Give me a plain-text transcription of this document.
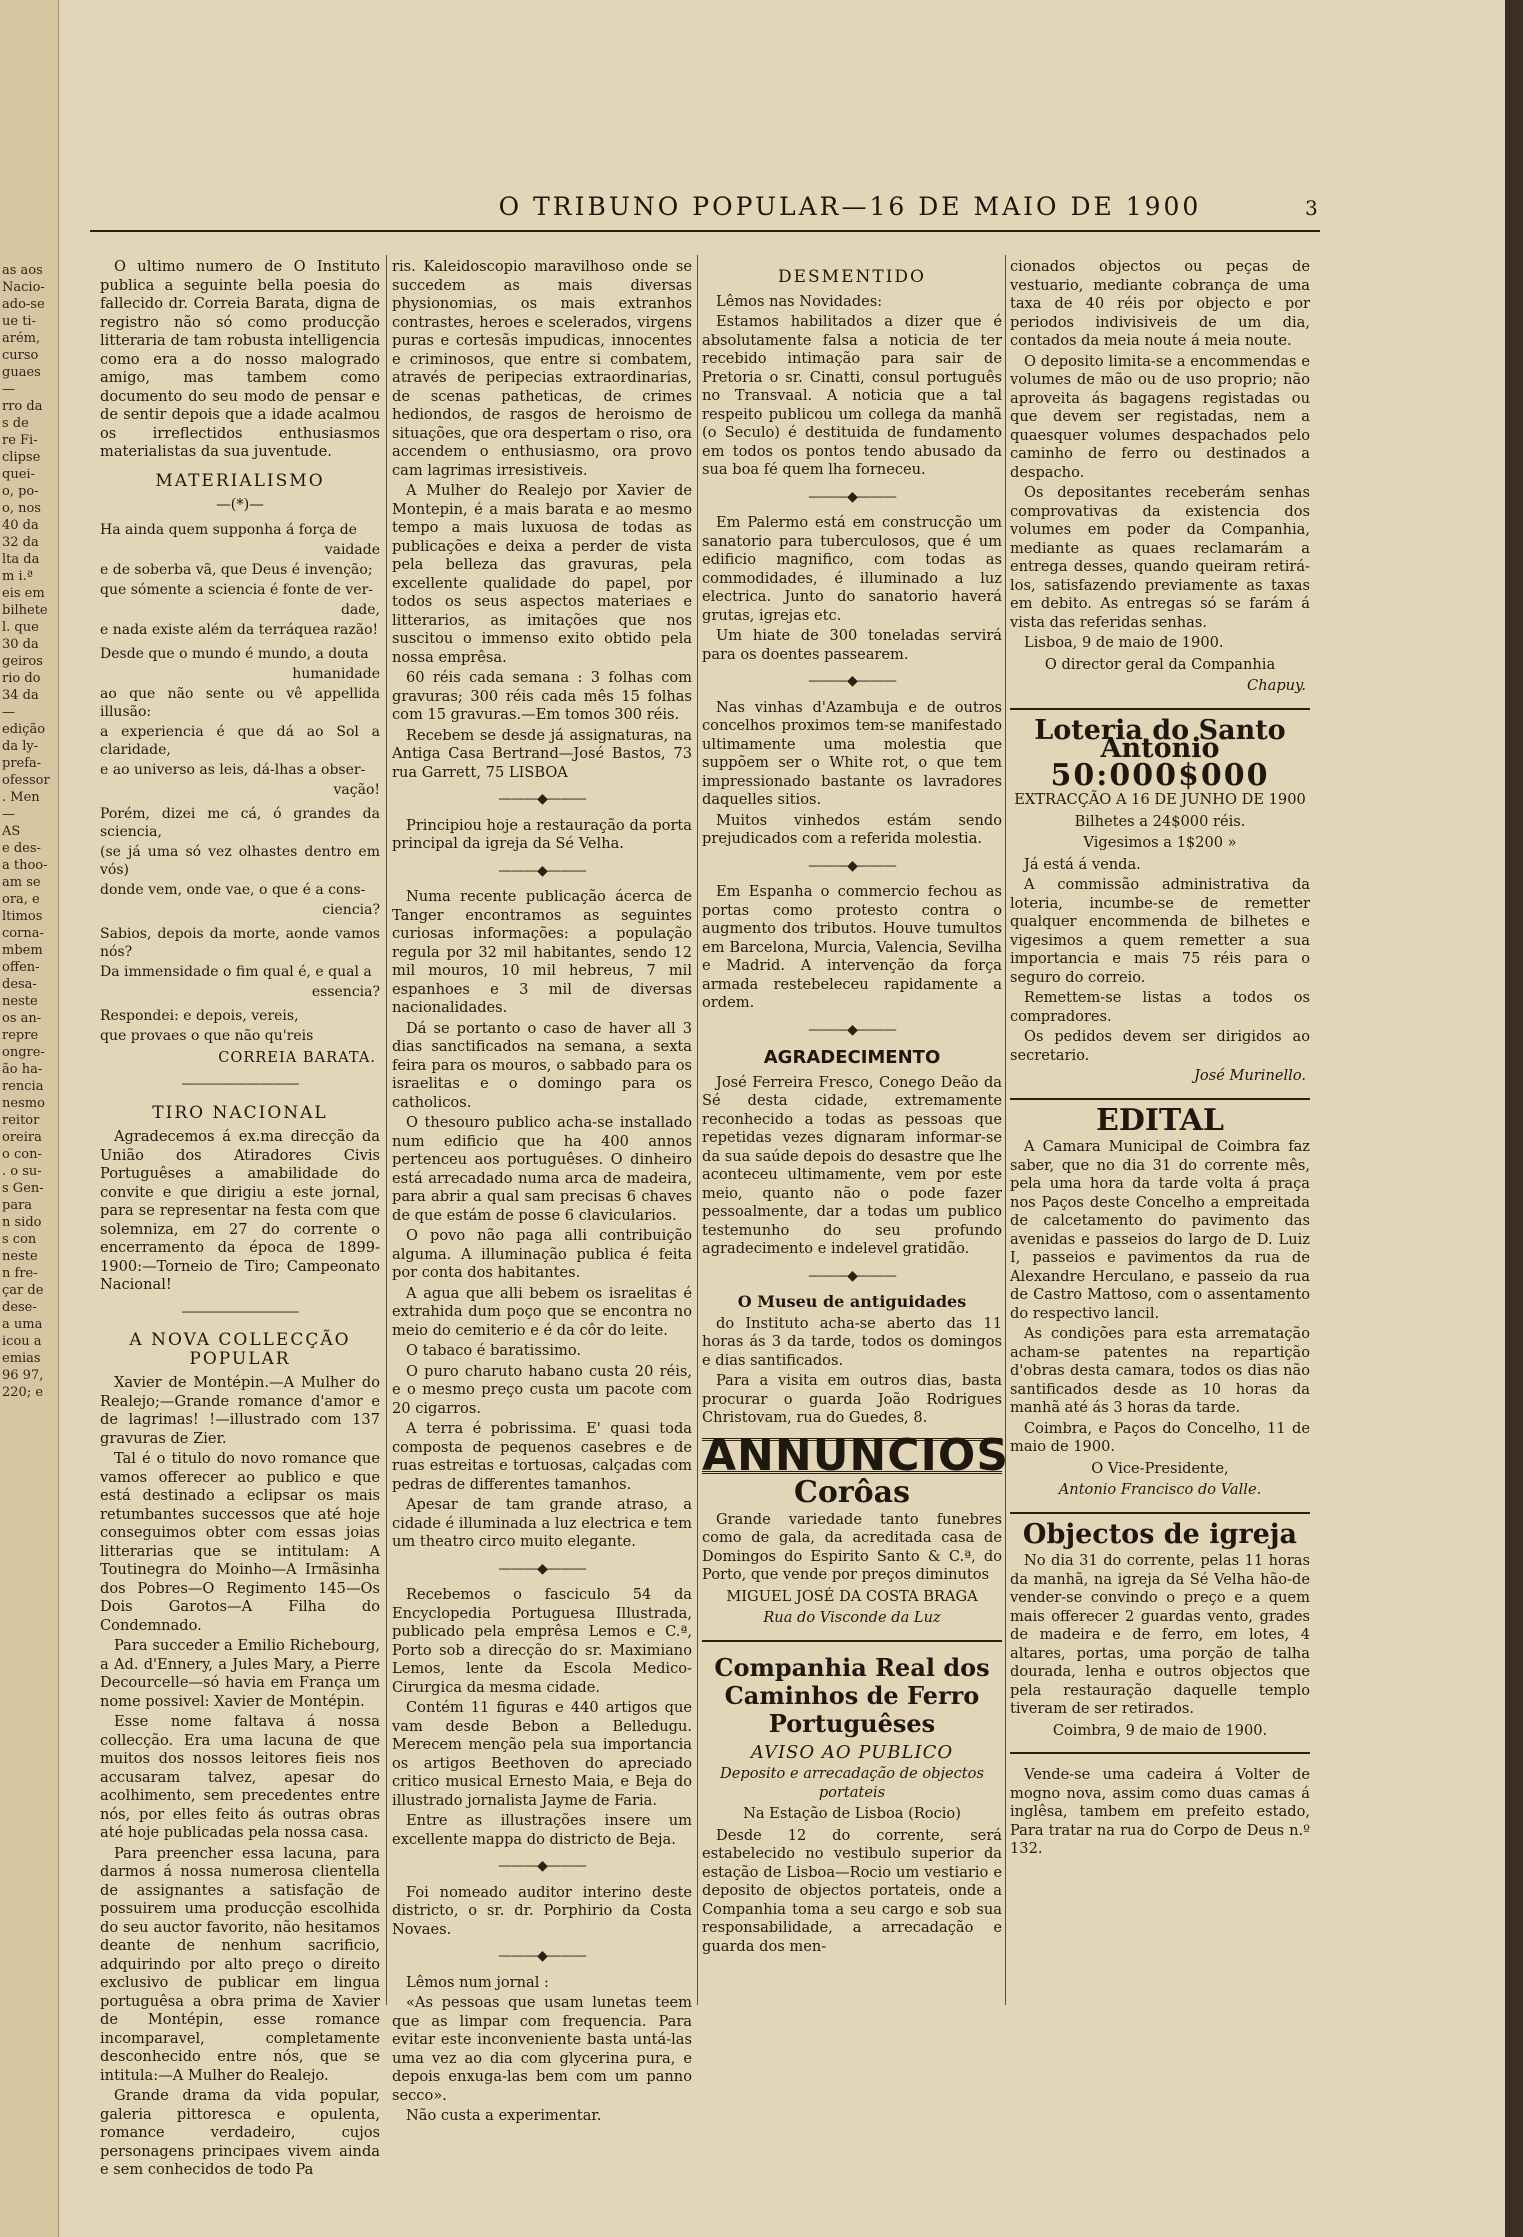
as aos
Nacio-
ado-se
ue ti-
arém,
curso
guaes
—
rro da
s de
re Fi-
clipse
quei-
o, po-
o, nos
40 da
32 da
lta da
m i.ª
eis em
bilhete
l. que
30 da
geiros
rio do
34 da
—
edição
da ly-
prefa-
ofessor
. Men
—
AS
e des-
a thoo-
am se
ora, e
ltimos
corna-
mbem
offen-
desa-
neste
os an-
repre
ongre-
ão ha-
rencia
nesmo
reitor
oreira
o con-
. o su-
s Gen-
para
n sido
s con
neste
n fre-
çar de
dese-
a uma
icou a
emias
96 97,
220; e
O TRIBUNO POPULAR—16 DE MAIO DE 1900	3

O ultimo numero de O Instituto publica a seguinte bella poesia do fallecido dr. Correia Barata, digna de registro não só como producção litteraria de tam robusta intelligencia como era a do nosso malogrado amigo, mas tambem como documento do seu modo de pensar e de sentir depois que a idade acalmou os irreflectidos enthusiasmos materialistas da sua juventude.

MATERIALISMO

—(*)—

Ha ainda quem supponha á força de

vaidade

e de soberba vã, que Deus é invenção;

que sómente a sciencia é fonte de ver-

dade,

e nada existe além da terráquea razão!

Desde que o mundo é mundo, a douta

humanidade

ao que não sente ou vê appellida illusão:

a experiencia é que dá ao Sol a claridade,

e ao universo as leis, dá-lhas a obser-

vação!

Porém, dizei me cá, ó grandes da sciencia,

(se já uma só vez olhastes dentro em vós)

donde vem, onde vae, o que é a cons-

ciencia?

Sabios, depois da morte, aonde vamos nós?

Da immensidade o fim qual é, e qual a

essencia?

Respondei: e depois, vereis,

que provaes o que não qu'reis

CORREIA BARATA.

—————————
TIRO NACIONAL

Agradecemos á ex.ma direcção da União dos Atiradores Civis Portuguêses a amabilidade do convite e que dirigiu a este jornal, para se representar na festa com que solemniza, em 27 do corrente o encerramento da época de 1899-1900:—Torneio de Tiro; Campeonato Nacional!

—————————
A NOVA COLLECÇÃO POPULAR

Xavier de Montépin.—A Mulher do Realejo;—Grande romance d'amor e de lagrimas! !—illustrado com 137 gravuras de Zier.

Tal é o titulo do novo romance que vamos offerecer ao publico e que está destinado a eclipsar os mais retumbantes successos que até hoje conseguimos obter com essas joias litterarias que se intitulam: A Toutinegra do Moinho—A Irmãsinha dos Pobres—O Regimento 145—Os Dois Garotos—A Filha do Condemnado.

Para succeder a Emilio Richebourg, a Ad. d'Ennery, a Jules Mary, a Pierre Decourcelle—só havia em França um nome possivel: Xavier de Montépin.

Esse nome faltava á nossa collecção. Era uma lacuna de que muitos dos nossos leitores fieis nos accusaram talvez, apesar do acolhimento, sem precedentes entre nós, por elles feito ás outras obras até hoje publicadas pela nossa casa.

Para preencher essa lacuna, para darmos á nossa numerosa clientella de assignantes a satisfação de possuirem uma producção escolhida do seu auctor favorito, não hesitamos deante de nenhum sacrificio, adquirindo por alto preço o direito exclusivo de publicar em lingua portuguêsa a obra prima de Xavier de Montépin, esse romance incomparavel, completamente desconhecido entre nós, que se intitula:—A Mulher do Realejo.

Grande drama da vida popular, galeria pittoresca e opulenta, romance verdadeiro, cujos personagens principaes vivem ainda e sem conhecidos de todo Pa

ris. Kaleidoscopio maravilhoso onde se succedem as mais diversas physionomias, os mais extranhos contrastes, heroes e scelerados, virgens puras e cortesãs impudicas, innocentes e criminosos, que entre si combatem, através de peripecias extraordinarias, de scenas patheticas, de crimes hediondos, de rasgos de heroismo de situações, que ora despertam o riso, ora accendem o enthusiasmo, ora provo cam lagrimas irresistiveis.

A Mulher do Realejo por Xavier de Montepin, é a mais barata e ao mesmo tempo a mais luxuosa de todas as publicações e deixa a perder de vista pela belleza das gravuras, pela excellente qualidade do papel, por todos os seus aspectos materiaes e litterarios, as imitações que nos suscitou o immenso exito obtido pela nossa emprêsa.

60 réis cada semana : 3 folhas com gravuras; 300 réis cada mês 15 folhas com 15 gravuras.—Em tomos 300 réis.

Recebem se desde já assignaturas, na Antiga Casa Bertrand—José Bastos, 73 rua Garrett, 75 LISBOA

———◆———

Principiou hoje a restauração da porta principal da igreja da Sé Velha.

———◆———

Numa recente publicação ácerca de Tanger encontramos as seguintes curiosas informações: a população regula por 32 mil habitantes, sendo 12 mil mouros, 10 mil hebreus, 7 mil espanhoes e 3 mil de diversas nacionalidades.

Dá se portanto o caso de haver all 3 dias sanctificados na semana, a sexta feira para os mouros, o sabbado para os israelitas e o domingo para os catholicos.

O thesouro publico acha-se installado num edificio que ha 400 annos pertenceu aos portuguêses. O dinheiro está arrecadado numa arca de madeira, para abrir a qual sam precisas 6 chaves de que estám de posse 6 clavicularios.

O povo não paga alli contribuição alguma. A illuminação publica é feita por conta dos habitantes.

A agua que alli bebem os israelitas é extrahida dum poço que se encontra no meio do cemiterio e é da côr do leite.

O tabaco é baratissimo.

O puro charuto habano custa 20 réis, e o mesmo preço custa um pacote com 20 cigarros.

A terra é pobrissima. E' quasi toda composta de pequenos casebres e de ruas estreitas e tortuosas, calçadas com pedras de differentes tamanhos.

Apesar de tam grande atraso, a cidade é illuminada a luz electrica e tem um theatro circo muito elegante.

———◆———

Recebemos o fasciculo 54 da Encyclopedia Portuguesa Illustrada, publicado pela emprêsa Lemos e C.ª, Porto sob a direcção do sr. Maximiano Lemos, lente da Escola Medico-Cirurgica da mesma cidade.

Contém 11 figuras e 440 artigos que vam desde Bebon a Belledugu. Merecem menção pela sua importancia os artigos Beethoven do apreciado critico musical Ernesto Maia, e Beja do illustrado jornalista Jayme de Faria.

Entre as illustrações insere um excellente mappa do districto de Beja.

———◆———

Foi nomeado auditor interino deste districto, o sr. dr. Porphirio da Costa Novaes.

———◆———

Lêmos num jornal :

«As pessoas que usam lunetas teem que as limpar com frequencia. Para evitar este inconveniente basta untá-las uma vez ao dia com glycerina pura, e depois enxuga-las bem com um panno secco».

Não custa a experimentar.

DESMENTIDO

Lêmos nas Novidades:

Estamos habilitados a dizer que é absolutamente falsa a noticia de ter recebido intimação para sair de Pretoria o sr. Cinatti, consul português no Transvaal. A noticia que a tal respeito publicou um collega da manhã (o Seculo) é destituida de fundamento em todos os pontos tendo abusado da sua boa fé quem lha forneceu.

———◆———

Em Palermo está em construcção um sanatorio para tuberculosos, que é um edificio magnifico, com todas as commodidades, é illuminado a luz electrica. Junto do sanatorio haverá grutas, igrejas etc.

Um hiate de 300 toneladas servirá para os doentes passearem.

———◆———

Nas vinhas d'Azambuja e de outros concelhos proximos tem-se manifestado ultimamente uma molestia que suppõem ser o White rot, o que tem impressionado bastante os lavradores daquelles sitios.

Muitos vinhedos estám sendo prejudicados com a referida molestia.

———◆———

Em Espanha o commercio fechou as portas como protesto contra o augmento dos tributos. Houve tumultos em Barcelona, Murcia, Valencia, Sevilha e Madrid. A intervenção da força armada restebeleceu rapidamente a ordem.

———◆———
AGRADECIMENTO

José Ferreira Fresco, Conego Deão da Sé desta cidade, extremamente reconhecido a todas as pessoas que repetidas vezes dignaram informar-se da sua saúde depois do desastre que lhe aconteceu ultimamente, vem por este meio, quanto não o pode fazer pessoalmente, dar a todas um publico testemunho do seu profundo agradecimento e indelevel gratidão.

———◆———

O Museu de antiguidades

do Instituto acha-se aberto das 11 horas ás 3 da tarde, todos os domingos e dias santificados.

Para a visita em outros dias, basta procurar o guarda João Rodrigues Christovam, rua do Guedes, 8.

ANNUNCIOS
Corôas

Grande variedade tanto funebres como de gala, da acreditada casa de Domingos do Espirito Santo & C.ª, do Porto, que vende por preços diminutos

MIGUEL JOSÉ DA COSTA BRAGA

Rua do Visconde da Luz

Companhia Real dos Caminhos de Ferro Portuguêses

AVISO AO PUBLICO

Deposito e arrecadação de objectos portateis

Na Estação de Lisboa (Rocio)

Desde 12 do corrente, será estabelecido no vestibulo superior da estação de Lisboa—Rocio um vestiario e deposito de objectos portateis, onde a Companhia toma a seu cargo e sob sua responsabilidade, a arrecadação e guarda dos men-

cionados objectos ou peças de vestuario, mediante cobrança de uma taxa de 40 réis por objecto e por periodos indivisiveis de um dia, contados da meia noute á meia noute.

O deposito limita-se a encommendas e volumes de mão ou de uso proprio; não aproveita ás bagagens registadas ou que devem ser registadas, nem a quaesquer volumes despachados pelo caminho de ferro ou destinados a despacho.

Os depositantes receberám senhas comprovativas da existencia dos volumes em poder da Companhia, mediante as quaes reclamarám a entrega desses, quando queiram retirá-los, satisfazendo previamente as taxas em debito. As entregas só se farám á vista das referidas senhas.

Lisboa, 9 de maio de 1900.

O director geral da Companhia

Chapuy.

Loteria do Santo Antonio
50:000$000

EXTRACÇÃO A 16 DE JUNHO DE 1900

Bilhetes a 24$000 réis.

Vigesimos a 1$200 »

Já está á venda.

A commissão administrativa da loteria, incumbe-se de remetter qualquer encommenda de bilhetes e vigesimos a quem remetter a sua importancia e mais 75 réis para o seguro do correio.

Remettem-se listas a todos os compradores.

Os pedidos devem ser dirigidos ao secretario.

José Murinello.

EDITAL

A Camara Municipal de Coimbra faz saber, que no dia 31 do corrente mês, pela uma hora da tarde volta á praça nos Paços deste Concelho a empreitada de calcetamento do pavimento das avenidas e passeios do largo de D. Luiz I, passeios e pavimentos da rua de Alexandre Herculano, e passeio da rua de Castro Mattoso, com o assentamento do respectivo lancil.

As condições para esta arrematação acham-se patentes na repartição d'obras desta camara, todos os dias não santificados desde as 10 horas da manhã até ás 3 horas da tarde.

Coimbra, e Paços do Concelho, 11 de maio de 1900.

O Vice-Presidente,

Antonio Francisco do Valle.

Objectos de igreja

No dia 31 do corrente, pelas 11 horas da manhã, na igreja da Sé Velha hão-de vender-se convindo o preço e a quem mais offerecer 2 guardas vento, grades de madeira e de ferro, em lotes, 4 altares, portas, uma porção de talha dourada, lenha e outros objectos que pela restauração daquelle templo tiveram de ser retirados.

Coimbra, 9 de maio de 1900.

Vende-se uma cadeira á Volter de mogno nova, assim como duas camas á inglêsa, tambem em prefeito estado, Para tratar na rua do Corpo de Deus n.º 132.
